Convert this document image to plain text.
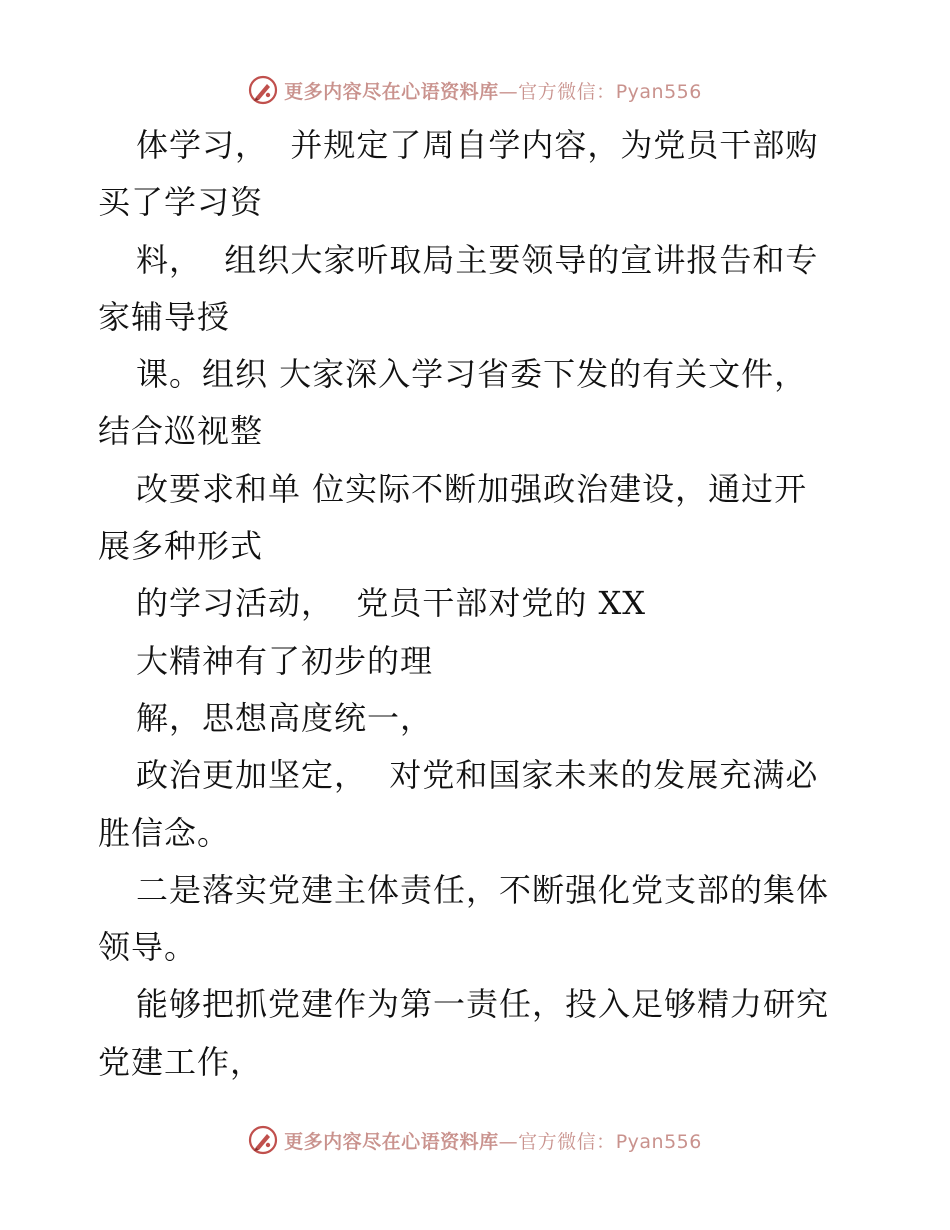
更多内容尽在心语资料库—官方微信：Pyan556
体学习，  并规定了周自学内容，为党员干部购
买了学习资
料，  组织大家听取局主要领导的宣讲报告和专
家辅导授
课。组织 大家深入学习省委下发的有关文件，
结合巡视整
改要求和单 位实际不断加强政治建设，通过开
展多种形式
的学习活动，  党员干部对党的 XX
大精神有了初步的理
解，思想高度统一，
政治更加坚定，  对党和国家未来的发展充满必
胜信念。
二是落实党建主体责任，不断强化党支部的集体
领导。
能够把抓党建作为第一责任，投入足够精力研究
党建工作，
更多内容尽在心语资料库—官方微信：Pyan556
